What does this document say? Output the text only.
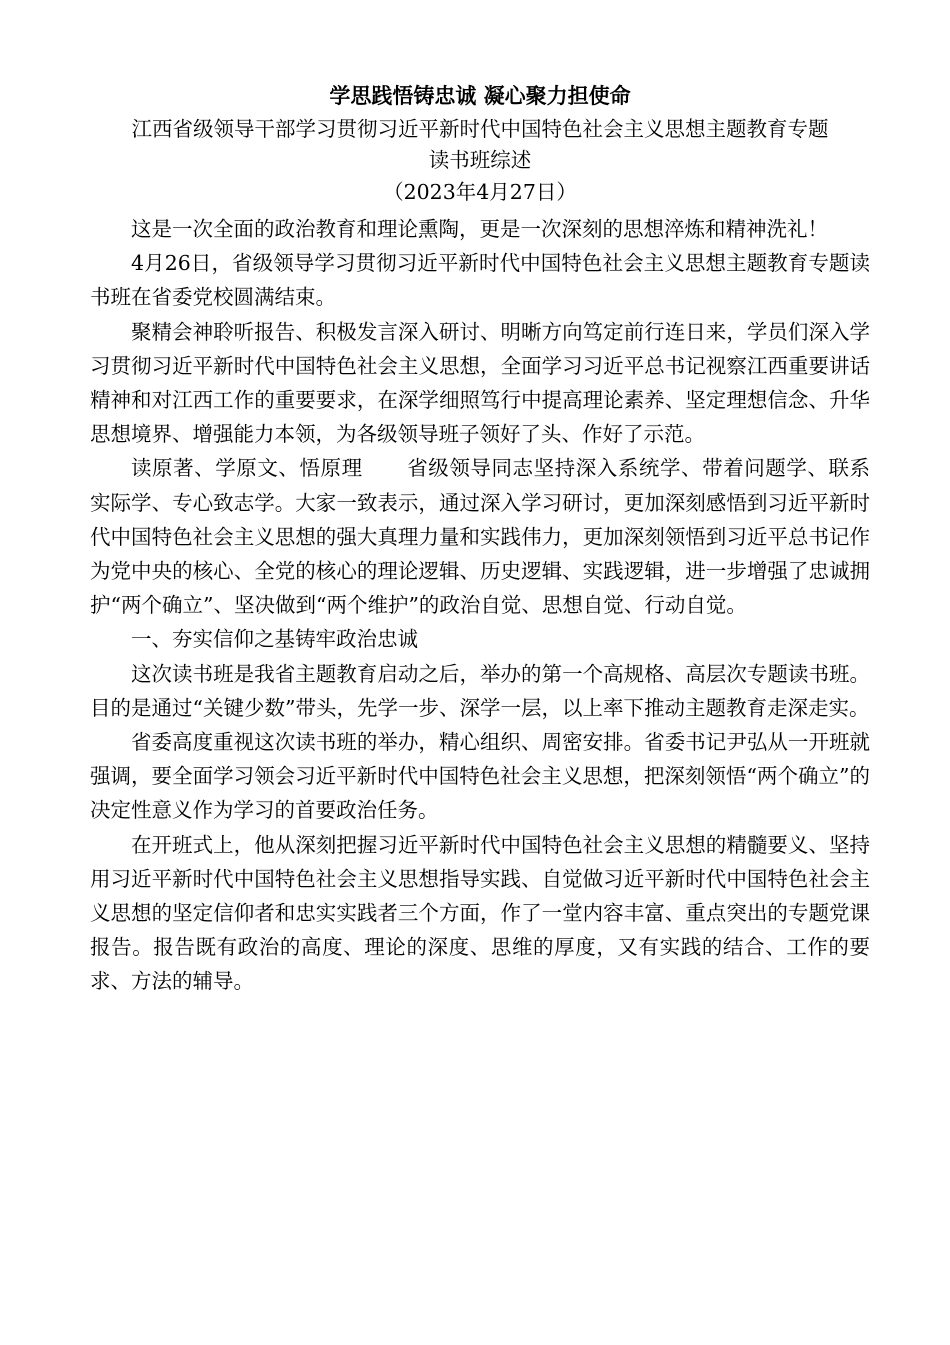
学思践悟铸忠诚 凝心聚力担使命

江西省级领导干部学习贯彻习近平新时代中国特色社会主义思想主题教育专题

读书班综述

（2023年4月27日）

这是一次全面的政治教育和理论熏陶，更是一次深刻的思想淬炼和精神洗礼！

4月26日，省级领导学习贯彻习近平新时代中国特色社会主义思想主题教育专题读书班在省委党校圆满结束。

聚精会神聆听报告、积极发言深入研讨、明晰方向笃定前行连日来，学员们深入学习贯彻习近平新时代中国特色社会主义思想，全面学习习近平总书记视察江西重要讲话精神和对江西工作的重要要求，在深学细照笃行中提高理论素养、坚定理想信念、升华思想境界、增强能力本领，为各级领导班子领好了头、作好了示范。

读原著、学原文、悟原理 省级领导同志坚持深入系统学、带着问题学、联系实际学、专心致志学。大家一致表示，通过深入学习研讨，更加深刻感悟到习近平新时代中国特色社会主义思想的强大真理力量和实践伟力，更加深刻领悟到习近平总书记作为党中央的核心、全党的核心的理论逻辑、历史逻辑、实践逻辑，进一步增强了忠诚拥护“两个确立”、坚决做到“两个维护”的政治自觉、思想自觉、行动自觉。

一、夯实信仰之基铸牢政治忠诚

这次读书班是我省主题教育启动之后，举办的第一个高规格、高层次专题读书班。目的是通过“关键少数”带头，先学一步、深学一层，以上率下推动主题教育走深走实。

省委高度重视这次读书班的举办，精心组织、周密安排。省委书记尹弘从一开班就强调，要全面学习领会习近平新时代中国特色社会主义思想，把深刻领悟“两个确立”的决定性意义作为学习的首要政治任务。

在开班式上，他从深刻把握习近平新时代中国特色社会主义思想的精髓要义、坚持用习近平新时代中国特色社会主义思想指导实践、自觉做习近平新时代中国特色社会主义思想的坚定信仰者和忠实实践者三个方面，作了一堂内容丰富、重点突出的专题党课报告。报告既有政治的高度、理论的深度、思维的厚度，又有实践的结合、工作的要求、方法的辅导。
